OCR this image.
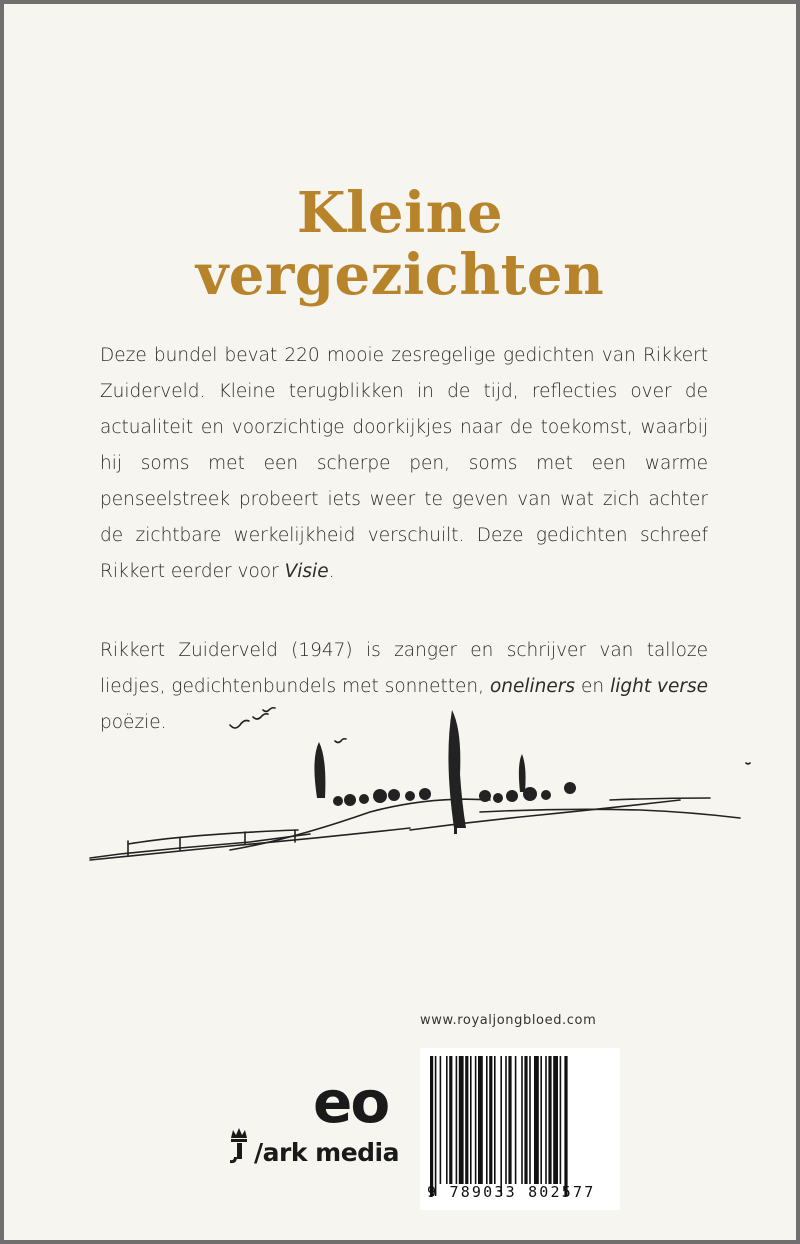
Kleine
vergezichten

Deze bundel bevat 220 mooie zesregelige gedichten van Rikkert Zuiderveld. Kleine terugblikken in de tijd, reflecties over de actualiteit en voorzichtige doorkijkjes naar de toekomst, waarbij hij soms met een scherpe pen, soms met een warme penseelstreek probeert iets weer te geven van wat zich achter de zichtbare werkelijkheid verschuilt. Deze gedichten schreef Rikkert eerder voor Visie.

Rikkert Zuiderveld (1947) is zanger en schrijver van talloze liedjes, gedichtenbundels met sonnetten, oneliners en light verse poëzie.

www.royaljongbloed.com
eo
/ark media
9 789033 802577
